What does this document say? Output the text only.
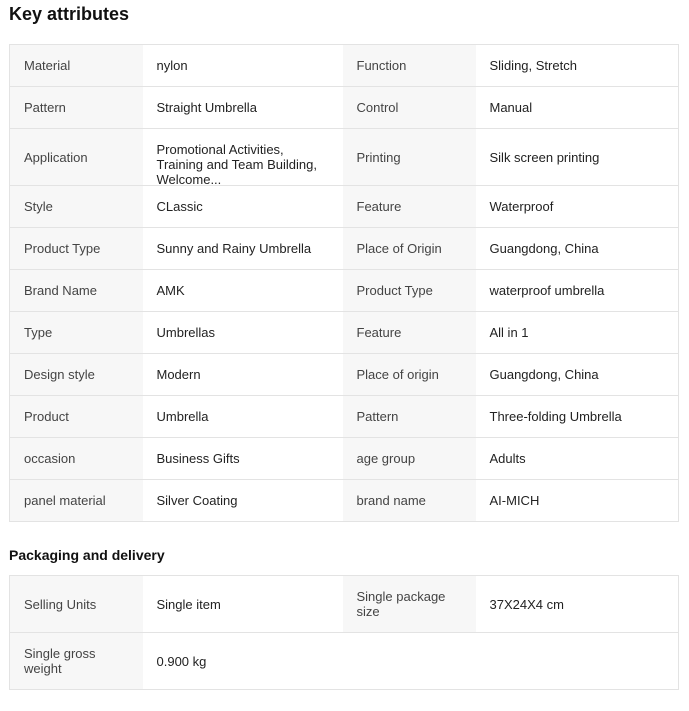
Key attributes
Material	nylon	Function	Sliding, Stretch
Pattern	Straight Umbrella	Control	Manual
Application	Promotional Activities, Training and Team Building, Welcome...	Printing	Silk screen printing
Style	CLassic	Feature	Waterproof
Product Type	Sunny and Rainy Umbrella	Place of Origin	Guangdong, China
Brand Name	AMK	Product Type	waterproof umbrella
Type	Umbrellas	Feature	All in 1
Design style	Modern	Place of origin	Guangdong, China
Product	Umbrella	Pattern	Three-folding Umbrella
occasion	Business Gifts	age group	Adults
panel material	Silver Coating	brand name	AI-MICH
Packaging and delivery
Selling Units	Single item	Single package size	37X24X4 cm
Single gross weight	0.900 kg		
